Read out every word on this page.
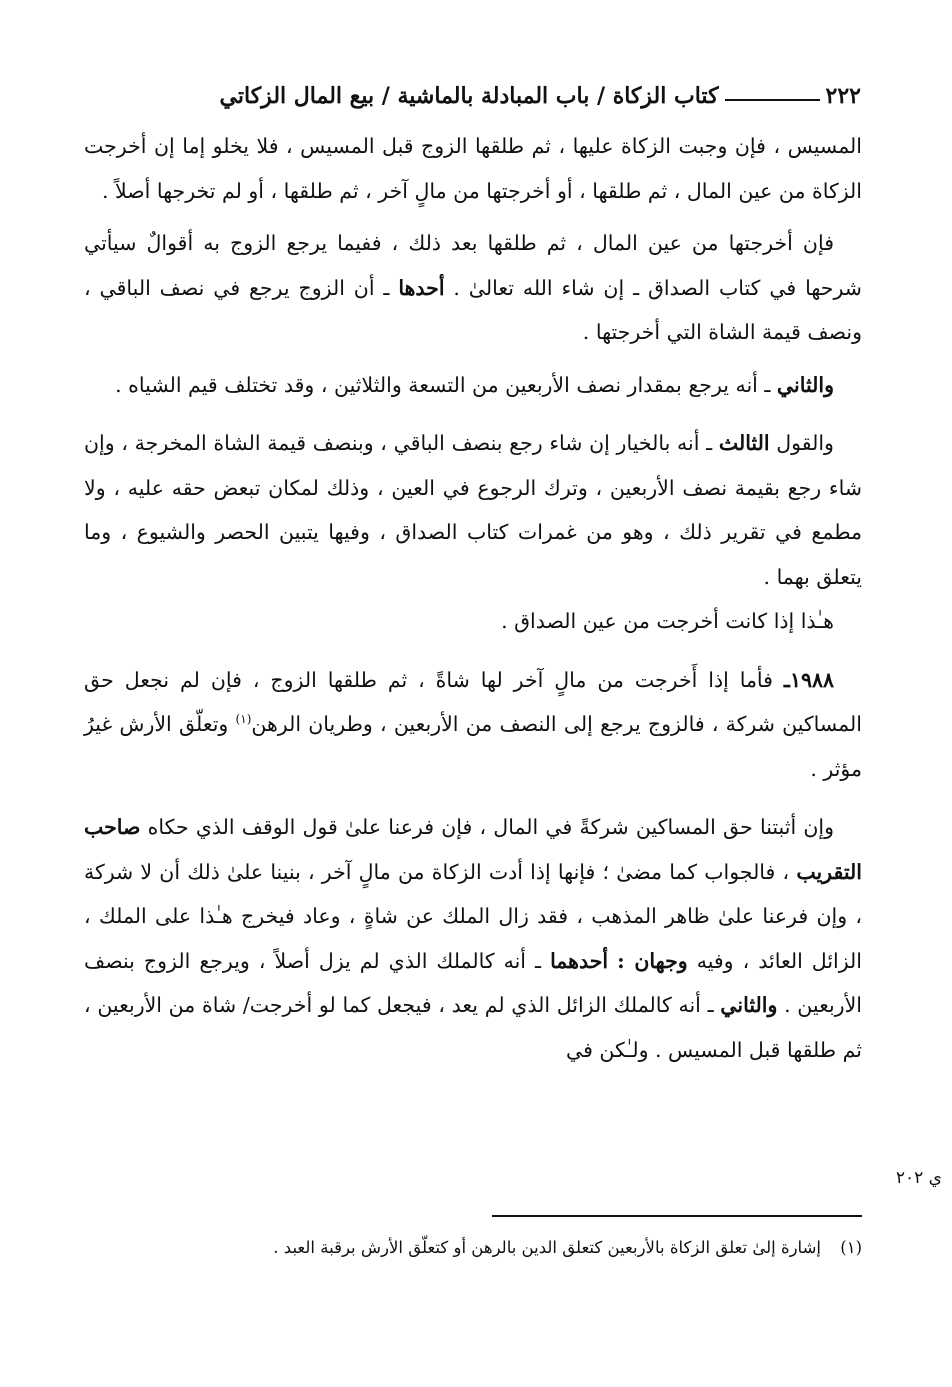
٢٢٢
كتاب الزكاة / باب المبادلة بالماشية / بيع المال الزكاتي

المسيس ، فإن وجبت الزكاة عليها ، ثم طلقها الزوج قبل المسيس ، فلا يخلو إما إن أخرجت الزكاة من عين المال ، ثم طلقها ، أو أخرجتها من مالٍ آخر ، ثم طلقها ، أو لم تخرجها أصلاً .

فإن أخرجتها من عين المال ، ثم طلقها بعد ذلك ، ففيما يرجع الزوج به أقوالٌ سيأتي شرحها في كتاب الصداق ـ إن شاء الله تعالىٰ . أحدها ـ أن الزوج يرجع في نصف الباقي ، ونصف قيمة الشاة التي أخرجتها .

والثاني ـ أنه يرجع بمقدار نصف الأربعين من التسعة والثلاثين ، وقد تختلف قيم الشياه .

والقول الثالث ـ أنه بالخيار إن شاء رجع بنصف الباقي ، وبنصف قيمة الشاة المخرجة ، وإن شاء رجع بقيمة نصف الأربعين ، وترك الرجوع في العين ، وذلك لمكان تبعض حقه عليه ، ولا مطمع في تقرير ذلك ، وهو من غمرات كتاب الصداق ، وفيها يتبين الحصر والشيوع ، وما يتعلق بهما .

هـٰذا إذا كانت أخرجت من عين الصداق .

١٩٨٨ـ فأما إذا أَخرجت من مالٍ آخر لها شاةً ، ثم طلقها الزوج ، فإن لم نجعل حق المساكين شركة ، فالزوج يرجع إلى النصف من الأربعين ، وطريان الرهن$^{(١)}$ وتعلّق الأرش غيرُ مؤثر .

وإن أثبتنا حق المساكين شركةً في المال ، فإن فرعنا علىٰ قول الوقف الذي حكاه صاحب التقريب ، فالجواب كما مضىٰ ؛ فإنها إذا أدت الزكاة من مالٍ آخر ، بنينا علىٰ ذلك أن لا شركة ، وإن فرعنا علىٰ ظاهر المذهب ، فقد زال الملك عن شاةٍ ، وعاد فيخرج هـٰذا على الملك ، الزائل العائد ، وفيه وجهان : أحدهما ـ أنه كالملك الذي لم يزل أصلاً ، ويرجع الزوج بنصف الأربعين . والثاني ـ أنه كالملك الزائل الذي لم يعد ، فيجعل كما لو أخرجت/ شاة من الأربعين ، ثم طلقها قبل المسيس . ولـٰكن في

ي ٢٠٢
(١) إشارة إلىٰ تعلق الزكاة بالأربعين كتعلق الدين بالرهن أو كتعلّق الأرش برقبة العبد .
